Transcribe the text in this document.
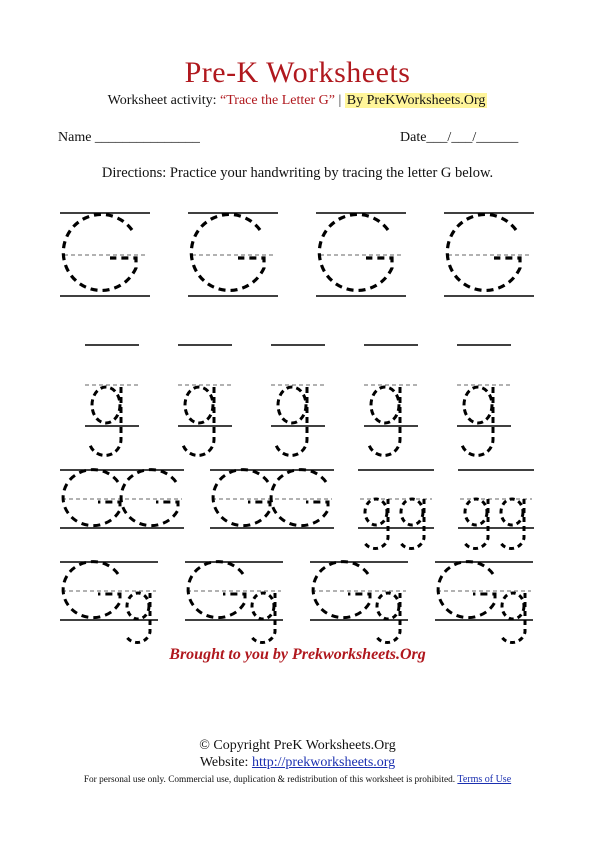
Pre-K Worksheets
Worksheet activity: “Trace the Letter G” | By PreKWorksheets.Org
Name _______________	Date___/___/______
Directions: Practice your handwriting by tracing the letter G below.
Brought to you by Prekworksheets.Org
© Copyright PreK Worksheets.Org
Website: http://prekworksheets.org
For personal use only. Commercial use, duplication & redistribution of this worksheet is prohibited. Terms of Use
